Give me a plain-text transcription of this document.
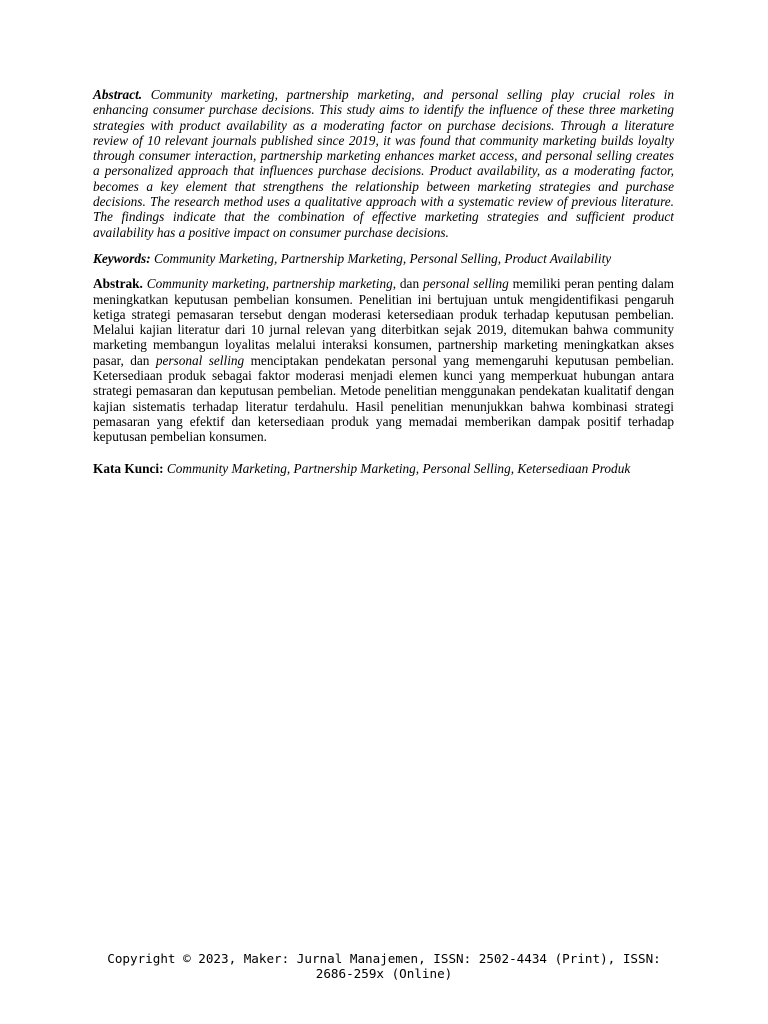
Abstract. Community marketing, partnership marketing, and personal selling play crucial roles in enhancing consumer purchase decisions. This study aims to identify the influence of these three marketing strategies with product availability as a moderating factor on purchase decisions. Through a literature review of 10 relevant journals published since 2019, it was found that community marketing builds loyalty through consumer interaction, partnership marketing enhances market access, and personal selling creates a personalized approach that influences purchase decisions. Product availability, as a moderating factor, becomes a key element that strengthens the relationship between marketing strategies and purchase decisions. The research method uses a qualitative approach with a systematic review of previous literature. The findings indicate that the combination of effective marketing strategies and sufficient product availability has a positive impact on consumer purchase decisions.

Keywords: Community Marketing, Partnership Marketing, Personal Selling, Product Availability

Abstrak. Community marketing, partnership marketing, dan personal selling memiliki peran penting dalam meningkatkan keputusan pembelian konsumen. Penelitian ini bertujuan untuk mengidentifikasi pengaruh ketiga strategi pemasaran tersebut dengan moderasi ketersediaan produk terhadap keputusan pembelian. Melalui kajian literatur dari 10 jurnal relevan yang diterbitkan sejak 2019, ditemukan bahwa community marketing membangun loyalitas melalui interaksi konsumen, partnership marketing meningkatkan akses pasar, dan personal selling menciptakan pendekatan personal yang memengaruhi keputusan pembelian. Ketersediaan produk sebagai faktor moderasi menjadi elemen kunci yang memperkuat hubungan antara strategi pemasaran dan keputusan pembelian. Metode penelitian menggunakan pendekatan kualitatif dengan kajian sistematis terhadap literatur terdahulu. Hasil penelitian menunjukkan bahwa kombinasi strategi pemasaran yang efektif dan ketersediaan produk yang memadai memberikan dampak positif terhadap keputusan pembelian konsumen.

Kata Kunci: Community Marketing, Partnership Marketing, Personal Selling, Ketersediaan Produk

Copyright © 2023, Maker: Jurnal Manajemen, ISSN: 2502-4434 (Print), ISSN: 2686-259x (Online)
